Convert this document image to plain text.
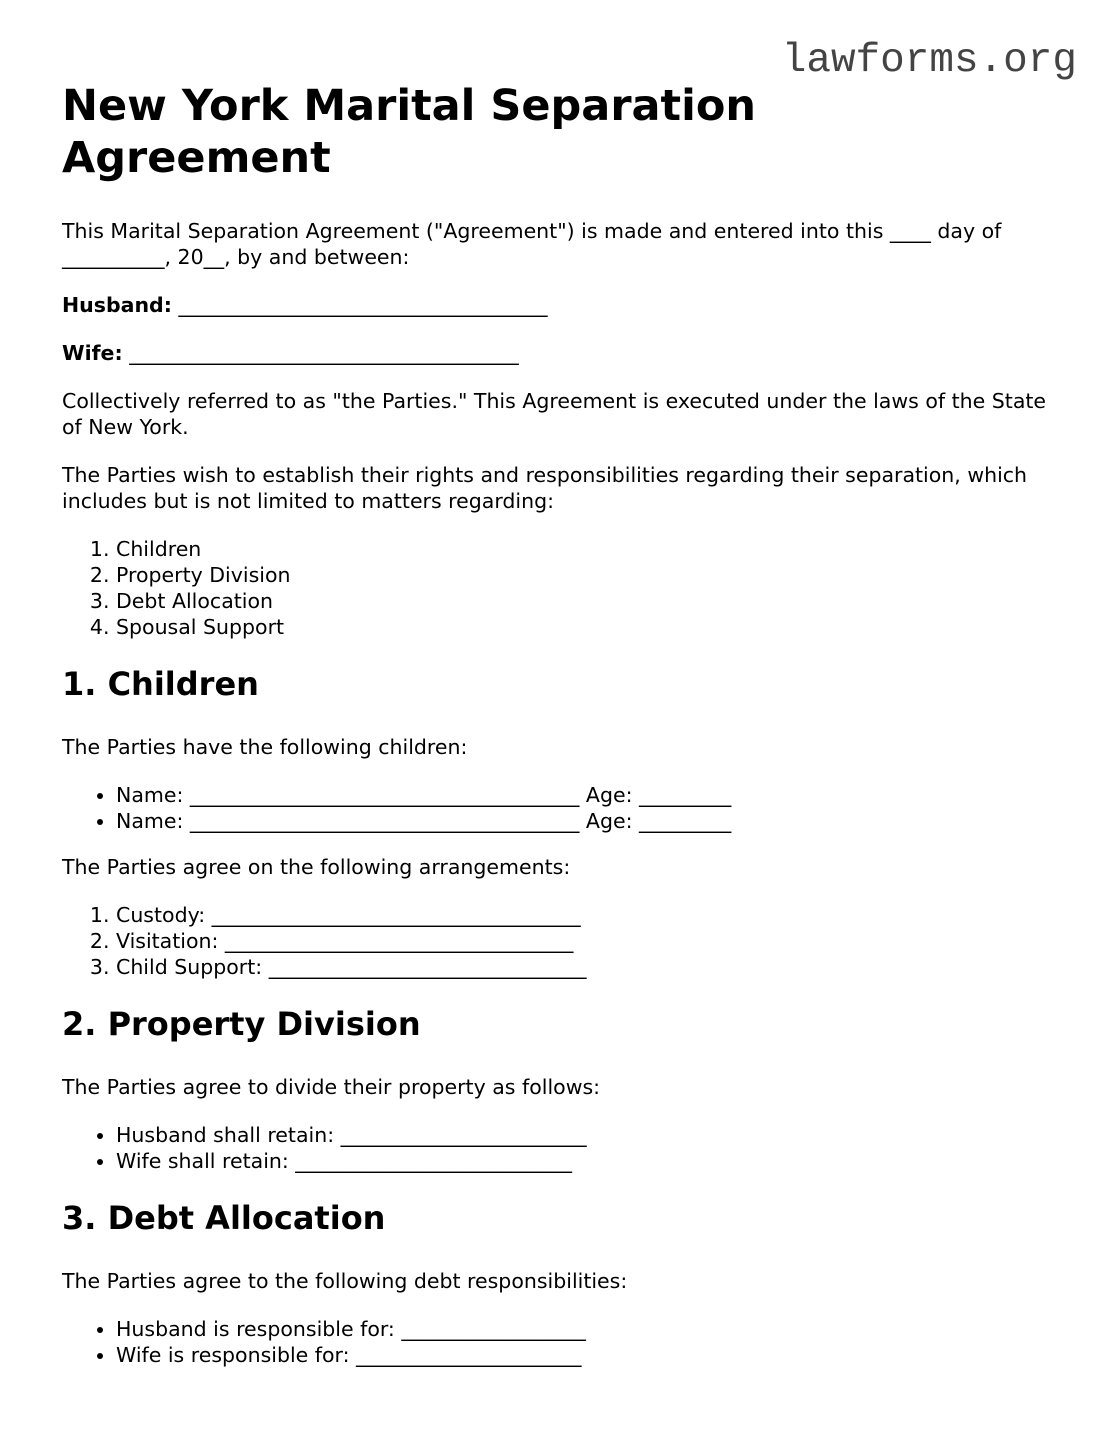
lawforms.org
New York Marital Separation Agreement

This Marital Separation Agreement ("Agreement") is made and entered into this ____ day of __________, 20__, by and between:

Husband: ____________________________________

Wife: ______________________________________

Collectively referred to as "the Parties." This Agreement is executed under the laws of the State of New York.

The Parties wish to establish their rights and responsibilities regarding their separation, which includes but is not limited to matters regarding:

1. Children
2. Property Division
3. Debt Allocation
4. Spousal Support
1. Children

The Parties have the following children:

• Name: ______________________________________ Age: _________
• Name: ______________________________________ Age: _________

The Parties agree on the following arrangements:

1. Custody: ____________________________________
2. Visitation: __________________________________
3. Child Support: _______________________________
2. Property Division

The Parties agree to divide their property as follows:

• Husband shall retain: ________________________
• Wife shall retain: ___________________________
3. Debt Allocation

The Parties agree to the following debt responsibilities:

• Husband is responsible for: __________________
• Wife is responsible for: ______________________
